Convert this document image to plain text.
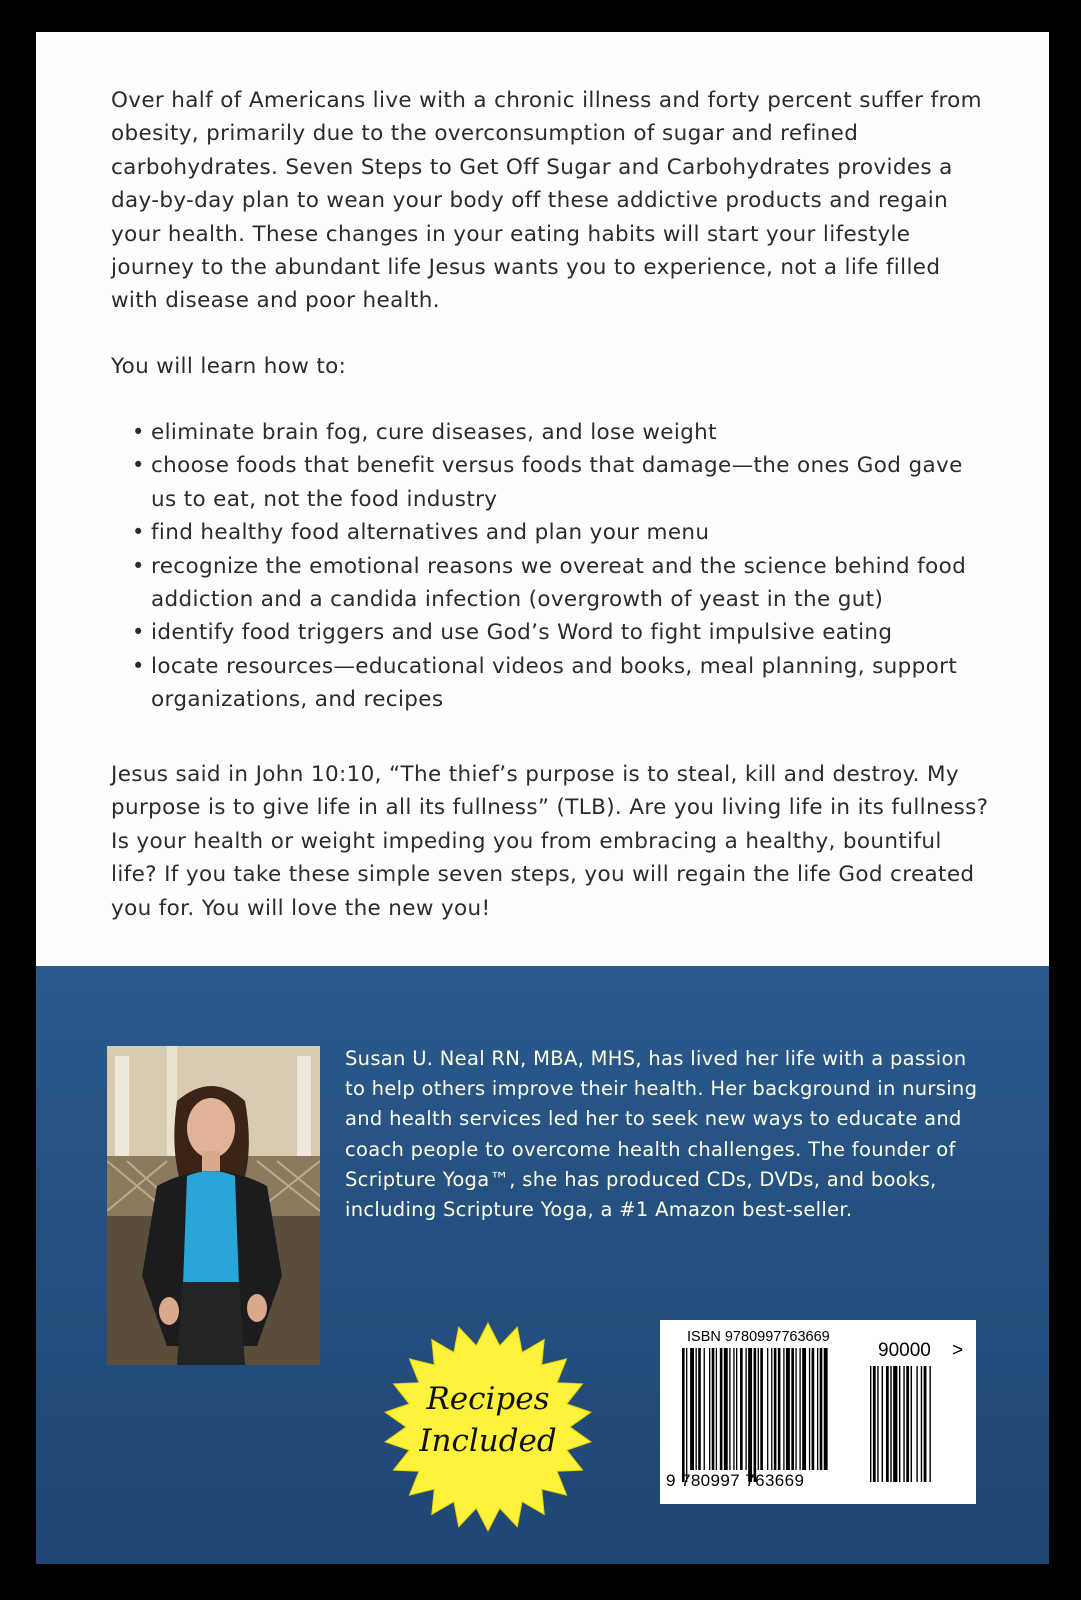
Over half of Americans live with a chronic illness and forty percent suffer from obesity, primarily due to the overconsumption of sugar and refined carbohydrates. Seven Steps to Get Off Sugar and Carbohydrates provides a day-by-day plan to wean your body off these addictive products and regain your health. These changes in your eating habits will start your lifestyle journey to the abundant life Jesus wants you to experience, not a life filled with disease and poor health.

You will learn how to:

• eliminate brain fog, cure diseases, and lose weight
• choose foods that benefit versus foods that damage—the ones God gave us to eat, not the food industry
• find healthy food alternatives and plan your menu
• recognize the emotional reasons we overeat and the science behind food addiction and a candida infection (overgrowth of yeast in the gut)
• identify food triggers and use God’s Word to fight impulsive eating
• locate resources—educational videos and books, meal planning, support organizations, and recipes

Jesus said in John 10:10, “The thief’s purpose is to steal, kill and destroy. My purpose is to give life in all its fullness” (TLB). Are you living life in its fullness? Is your health or weight impeding you from embracing a healthy, bountiful life? If you take these simple seven steps, you will regain the life God created you for. You will love the new you!

Susan U. Neal RN, MBA, MHS, has lived her life with a passion to help others improve their health. Her background in nursing and health services led her to seek new ways to educate and coach people to overcome health challenges. The founder of Scripture Yoga™, she has produced CDs, DVDs, and books, including Scripture Yoga, a #1 Amazon best-seller.

Recipes
Included
ISBN 9780997763669
90000 >
9 780997 763669
